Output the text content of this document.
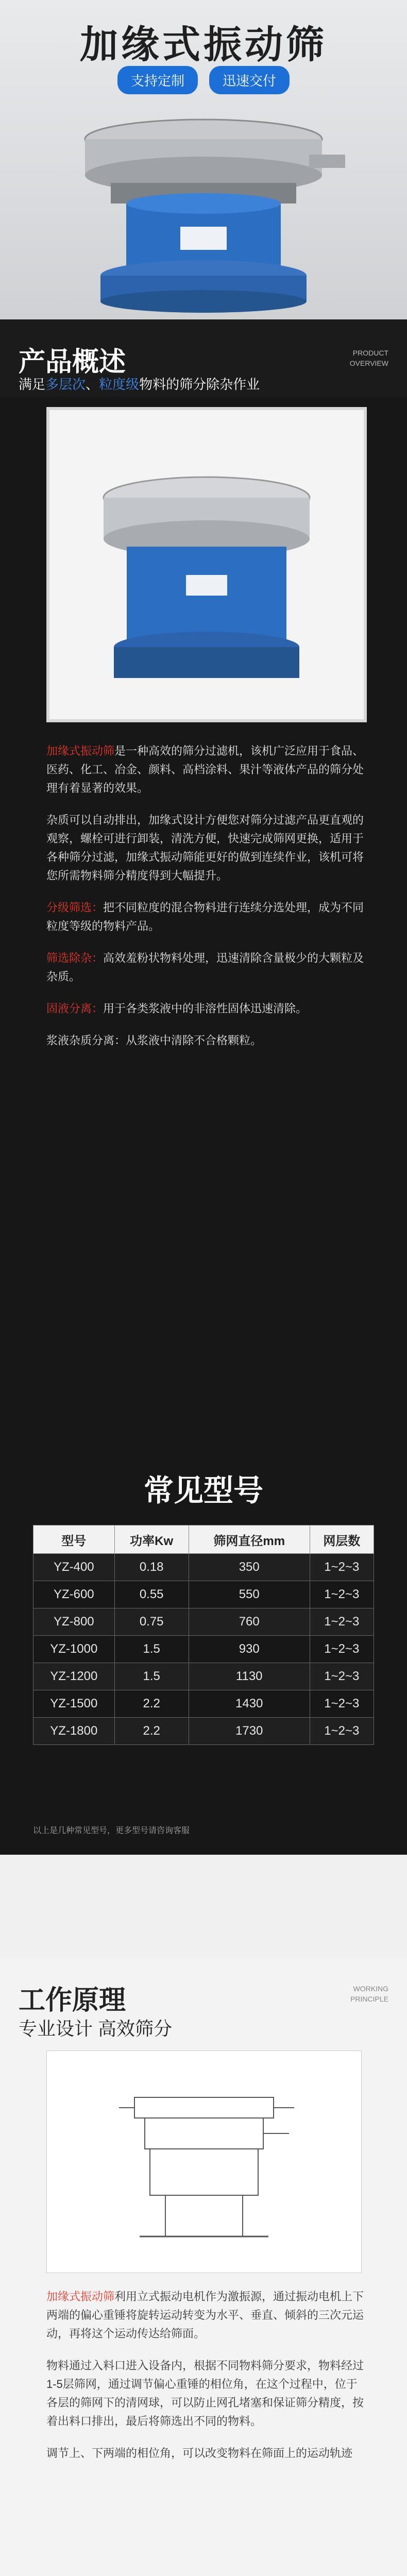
加缘式振动筛
支持定制	迅速交付
产品概述	PRODUCT
OVERVIEW
满足多层次、粒度级物料的筛分除杂作业

加缘式振动筛是一种高效的筛分过滤机，该机广泛应用于食品、医药、化工、冶金、颜料、高档涂料、果汁等液体产品的筛分处理有着显著的效果。

杂质可以自动排出，加缘式设计方便您对筛分过滤产品更直观的观察，螺栓可进行卸装，清洗方便，快速完成筛网更换，适用于各种筛分过滤，加缘式振动筛能更好的做到连续作业，该机可将您所需物料筛分精度得到大幅提升。

分级筛选：把不同粒度的混合物料进行连续分选处理，成为不同粒度等级的物料产品。

筛选除杂：高效羞粉状物料处理，迅速清除含量极少的大颗粒及杂质。

固液分离：用于各类浆液中的非溶性固体迅速清除。

浆液杂质分离：从浆液中清除不合格颗粒。

常见型号
型号	功率Kw	筛网直径mm	网层数
YZ-400	0.18	350	1~2~3
YZ-600	0.55	550	1~2~3
YZ-800	0.75	760	1~2~3
YZ-1000	1.5	930	1~2~3
YZ-1200	1.5	1130	1~2~3
YZ-1500	2.2	1430	1~2~3
YZ-1800	2.2	1730	1~2~3
以上是几种常见型号，更多型号请咨询客服
工作原理
专业设计 高效筛分
WORKING
PRINCIPLE

加缘式振动筛利用立式振动电机作为激振源，通过振动电机上下两端的偏心重锤将旋转运动转变为水平、垂直、倾斜的三次元运动，再将这个运动传达给筛面。

物料通过入料口进入设备内，根据不同物料筛分要求，物料经过1-5层筛网，通过调节偏心重锤的相位角，在这个过程中，位于各层的筛网下的清网球，可以防止网孔堵塞和保证筛分精度，按着出料口排出，最后将筛选出不同的物料。

调节上、下两端的相位角，可以改变物料在筛面上的运动轨迹
